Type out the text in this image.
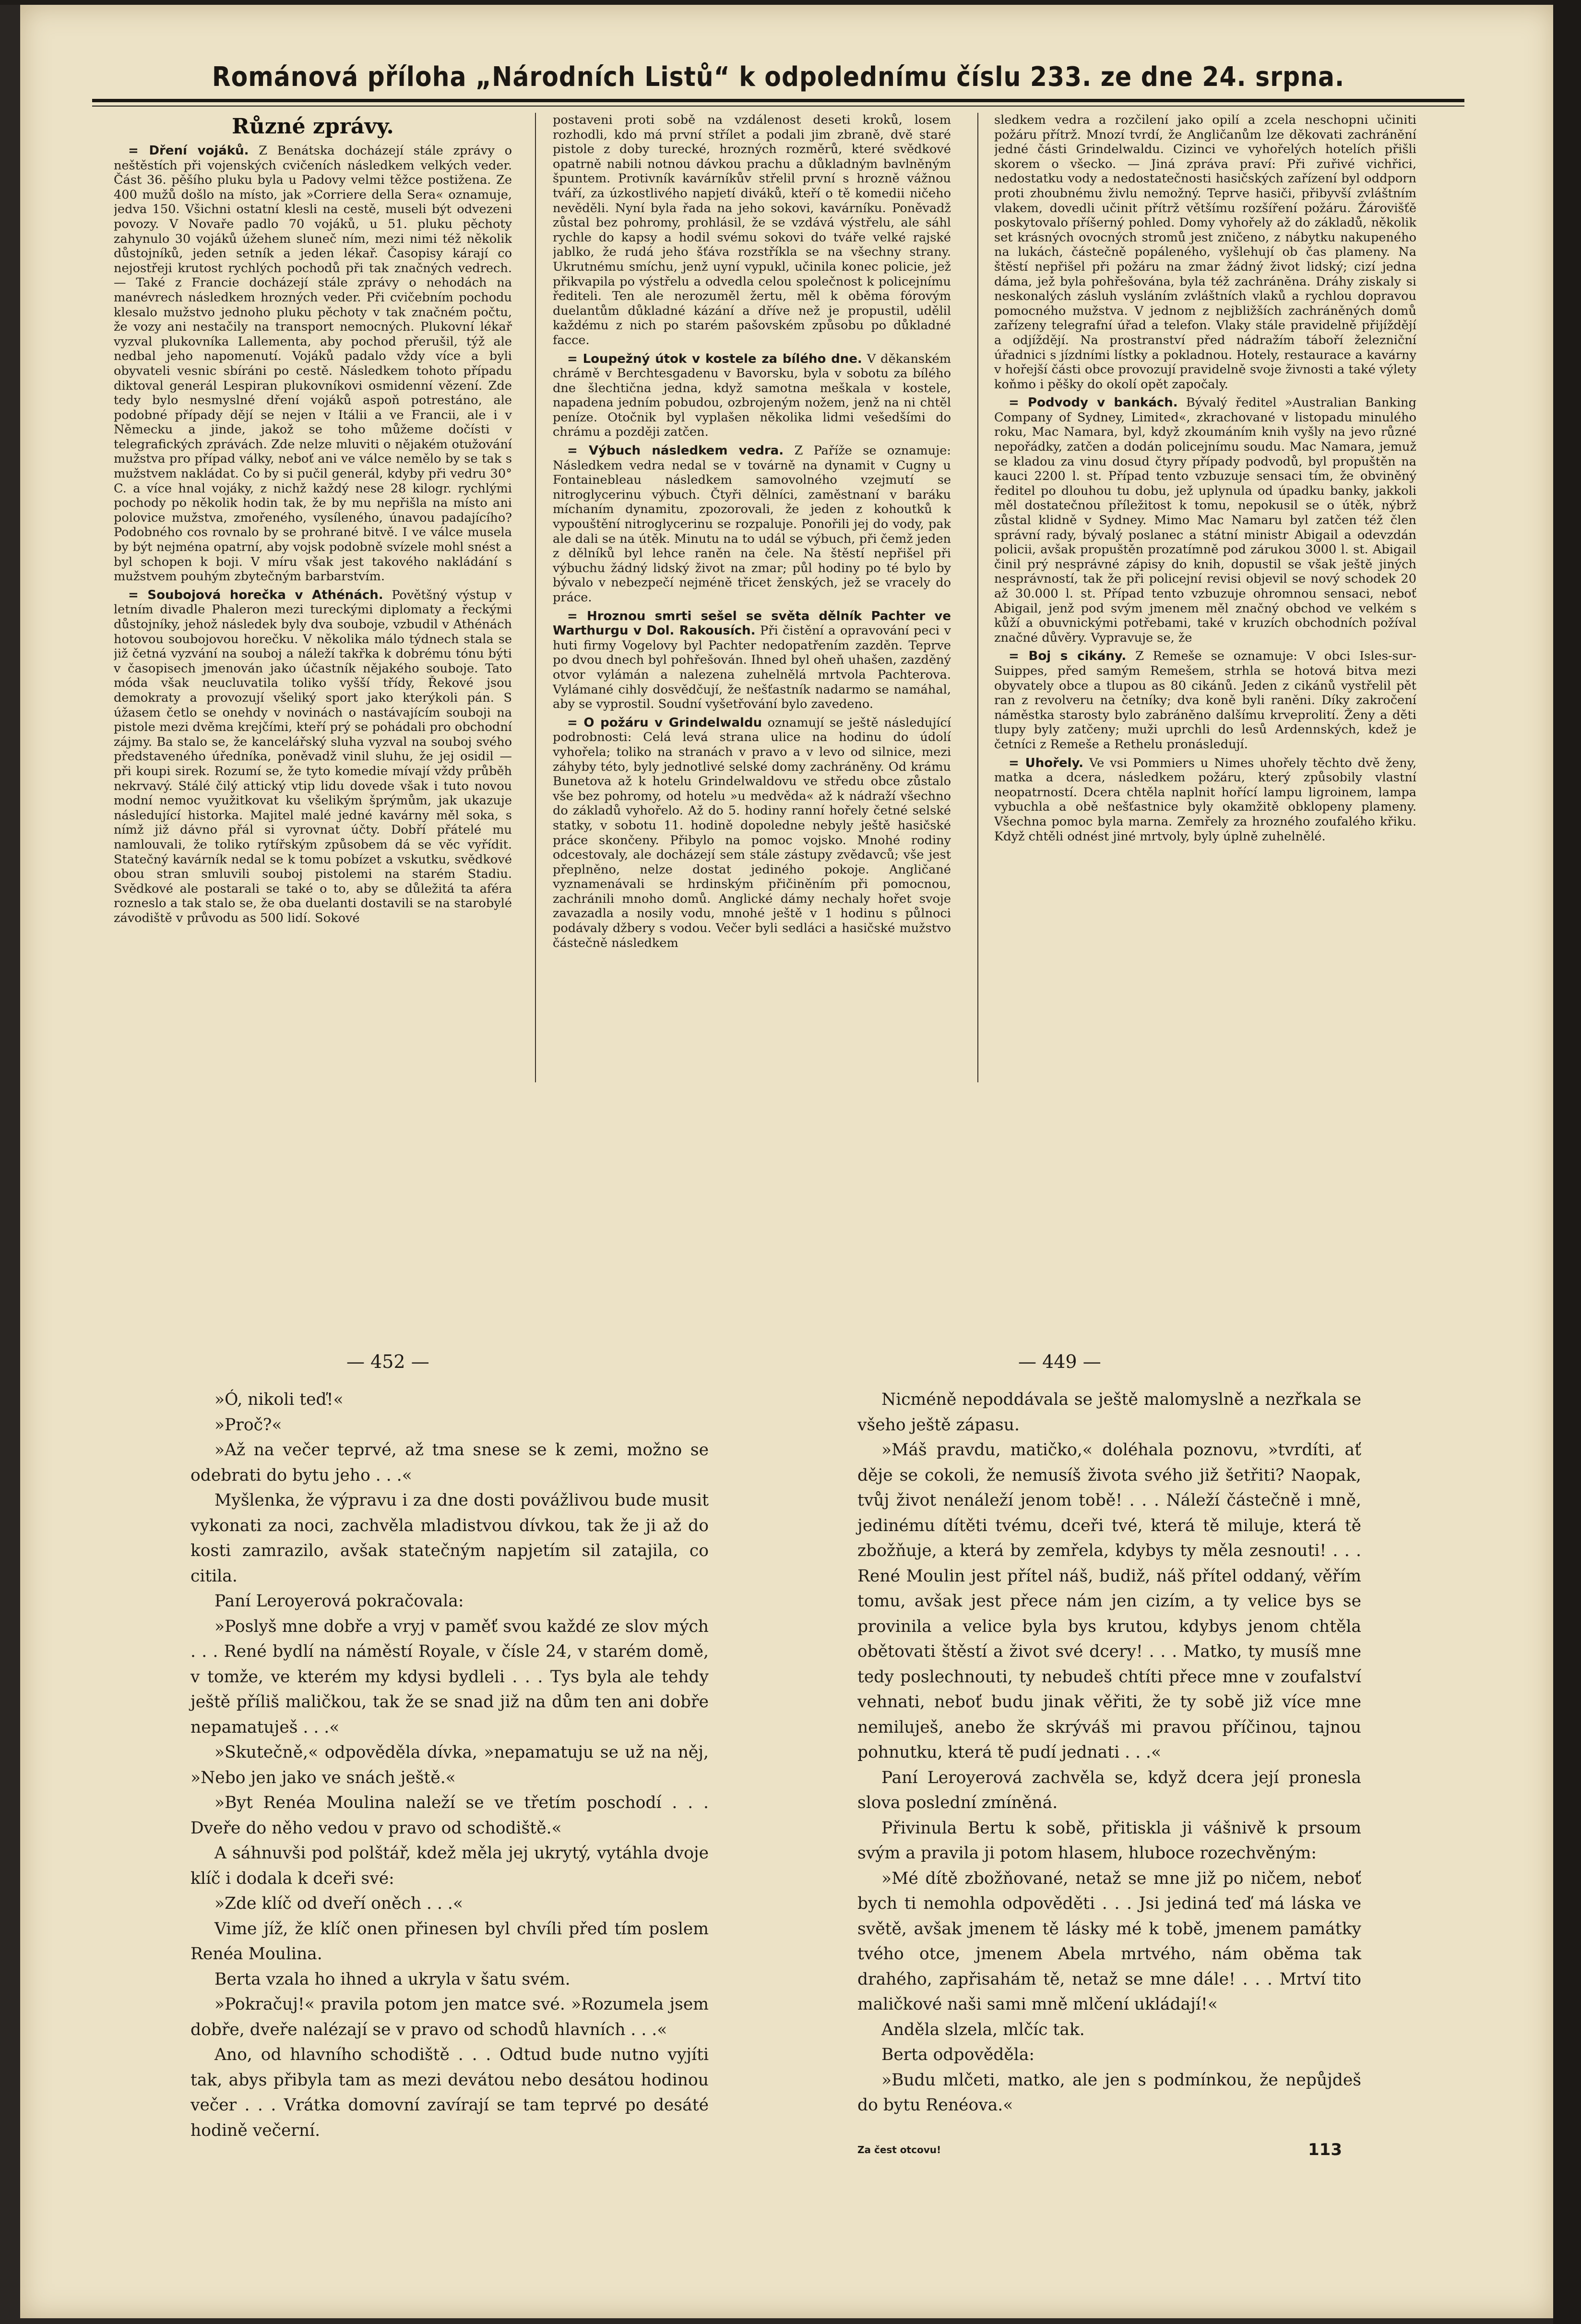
Románová příloha „Národních Listů“ k odpolednímu číslu 233. ze dne 24. srpna.
Různé zprávy.

= Dření vojáků. Z Benátska docházejí stále zprávy o neštěstích při vojenských cvičeních následkem velkých veder. Část 36. pěšího pluku byla u Padovy velmi těžce postižena. Ze 400 mužů došlo na místo, jak »Corriere della Sera« oznamuje, jedva 150. Všichni ostatní klesli na cestě, museli být odvezeni povozy. V Novaře padlo 70 vojáků, u 51. pluku pěchoty zahynulo 30 vojáků úžehem sluneč ním, mezi nimi též několik důstojníků, jeden setník a jeden lékař. Časopisy kárají co nejostřeji krutost rychlých pochodů při tak značných vedrech. — Také z Francie docházejí stále zprávy o nehodách na manévrech následkem hrozných veder. Při cvičebním pochodu klesalo mužstvo jednoho pluku pěchoty v tak značném počtu, že vozy ani nestačily na transport nemocných. Plukovní lékař vyzval plukovníka Lallementa, aby pochod přerušil, týž ale nedbal jeho napomenutí. Vojáků padalo vždy více a byli obyvateli vesnic sbíráni po cestě. Následkem tohoto případu diktoval generál Lespiran plukovníkovi osmidenní vězení. Zde tedy bylo nesmyslné dření vojáků aspoň potrestáno, ale podobné případy dějí se nejen v Itálii a ve Francii, ale i v Německu a jinde, jakož se toho můžeme dočísti v telegrafických zprávách. Zde nelze mluviti o nějakém otužování mužstva pro případ války, neboť ani ve válce nemělo by se tak s mužstvem nakládat. Co by si pučil generál, kdyby při vedru 30° C. a více hnal vojáky, z nichž každý nese 28 kilogr. rychlými pochody po několik hodin tak, že by mu nepřišla na místo ani polovice mužstva, zmořeného, vysíleného, únavou padajícího? Podobného cos rovnalo by se prohrané bitvě. I ve válce musela by být nejména opatrní, aby vojsk podobně svízele mohl snést a byl schopen k boji. V míru však jest takového nakládání s mužstvem pouhým zbytečným barbarstvím.

= Soubojová horečka v Athénách. Povětšný výstup v letním divadle Phaleron mezi tureckými diplomaty a řeckými důstojníky, jehož následek byly dva souboje, vzbudil v Athénách hotovou soubojovou horečku. V několika málo týdnech stala se již četná vyzvání na souboj a náleží takřka k dobrému tónu býti v časopisech jmenován jako účastník nějakého souboje. Tato móda však neucluvatila toliko vyšší třídy, Řekové jsou demokraty a provozují všeliký sport jako kterýkoli pán. S úžasem četlo se onehdy v novinách o nastávajícím souboji na pistole mezi dvěma krejčími, kteří prý se pohádali pro obchodní zájmy. Ba stalo se, že kancelářský sluha vyzval na souboj svého představeného úředníka, poněvadž vinil sluhu, že jej osidil — při koupi sirek. Rozumí se, že tyto komedie mívají vždy průběh nekrvavý. Stálé čilý attický vtip lidu dovede však i tuto novou modní nemoc využitkovat ku všelikým šprýmům, jak ukazuje následující historka. Majitel malé jedné kavárny měl soka, s nímž již dávno přál si vyrovnat účty. Dobří přátelé mu namlouvali, že toliko rytířským způsobem dá se věc vyřídit. Statečný kavárník nedal se k tomu pobízet a vskutku, svědkové obou stran smluvili souboj pistolemi na starém Stadiu. Svědkové ale postarali se také o to, aby se důležitá ta aféra rozneslo a tak stalo se, že oba duelanti dostavili se na starobylé závodiště v průvodu as 500 lidí. Sokové

postaveni proti sobě na vzdálenost deseti kroků, losem rozhodli, kdo má první střílet a podali jim zbraně, dvě staré pistole z doby turecké, hrozných rozměrů, které svědkové opatrně nabili notnou dávkou prachu a důkladným bavlněným špuntem. Protivník kavárníkův střelil první s hrozně vážnou tváří, za úzkostlivého napjetí diváků, kteří o tě komedii ničeho nevěděli. Nyní byla řada na jeho sokovi, kavárníku. Poněvadž zůstal bez pohromy, prohlásil, že se vzdává výstřelu, ale sáhl rychle do kapsy a hodil svému sokovi do tváře velké rajské jablko, že rudá jeho šťáva rozstříkla se na všechny strany. Ukrutnému smíchu, jenž uyní vypukl, učinila konec policie, jež přikvapila po výstřelu a odvedla celou společnost k policejnímu řediteli. Ten ale nerozuměl žertu, měl k oběma fórovým duelantům důkladné kázání a dříve než je propustil, udělil každému z nich po starém pašovském způsobu po důkladné facce.

= Loupežný útok v kostele za bílého dne. V děkanském chrámě v Berchtesgadenu v Bavorsku, byla v sobotu za bílého dne šlechtična jedna, když samotna meškala v kostele, napadena jedním pobudou, ozbrojeným nožem, jenž na ni chtěl peníze. Otočnik byl vyplašen několika lidmi vešedšími do chrámu a později zatčen.

= Výbuch následkem vedra. Z Paříže se oznamuje: Následkem vedra nedal se v továrně na dynamit v Cugny u Fontainebleau následkem samovolného vzejmutí se nitroglycerinu výbuch. Čtyři dělníci, zaměstnaní v baráku míchaním dynamitu, zpozorovali, že jeden z kohoutků k vypouštění nitroglycerinu se rozpaluje. Ponořili jej do vody, pak ale dali se na útěk. Minutu na to udál se výbuch, při čemž jeden z dělníků byl lehce raněn na čele. Na štěstí nepřišel při výbuchu žádný lidský život na zmar; půl hodiny po té bylo by bývalo v nebezpečí nejméně třicet ženských, jež se vracely do práce.

= Hroznou smrti sešel se světa dělník Pachter ve Warthurgu v Dol. Rakousích. Při čistění a opravování peci v huti firmy Vogelovy byl Pachter nedopatřením zazděn. Teprve po dvou dnech byl pohřešován. Ihned byl oheň uhašen, zazděný otvor vylámán a nalezena zuhelnělá mrtvola Pachterova. Vylámané cihly dosvědčují, že nešťastník nadarmo se namáhal, aby se vyprostil. Soudní vyšetřování bylo zavedeno.

= O požáru v Grindelwaldu oznamují se ještě následující podrobnosti: Celá levá strana ulice na hodinu do údolí vyhořela; toliko na stranách v pravo a v levo od silnice, mezi záhyby této, byly jednotlivé selské domy zachráněny. Od krámu Bunetova až k hotelu Grindelwaldovu ve středu obce zůstalo vše bez pohromy, od hotelu »u medvěda« až k nádraží všechno do základů vyhořelo. Až do 5. hodiny ranní hořely četné selské statky, v sobotu 11. hodině dopoledne nebyly ještě hasičské práce skončeny. Přibylo na pomoc vojsko. Mnohé rodiny odcestovaly, ale docházejí sem stále zástupy zvědavců; vše jest přeplněno, nelze dostat jediného pokoje. Angličané vyznamenávali se hrdinským přičiněním při pomocnou, zachránili mnoho domů. Anglické dámy nechaly hořet svoje zavazadla a nosily vodu, mnohé ještě v 1 hodinu s půlnoci podávaly džbery s vodou. Večer byli sedláci a hasičské mužstvo částečně následkem

sledkem vedra a rozčilení jako opilí a zcela neschopni učiniti požáru přítrž. Mnozí tvrdí, že Angličanům lze děkovati zachránění jedné části Grindelwaldu. Cizinci ve vyhořelých hotelích přišli skorem o všecko. — Jiná zpráva praví: Při zuřivé vichřici, nedostatku vody a nedostatečnosti hasičských zařízení byl oddporn proti zhoubnému živlu nemožný. Teprve hasiči, přibyvší zvláštním vlakem, dovedli učinit přítrž většímu rozšíření požáru. Žárovišťě poskytovalo příšerný pohled. Domy vyhořely až do základů, několik set krásných ovocných stromů jest zničeno, z nábytku nakupeného na lukách, částečně popáleného, vyšlehují ob čas plameny. Na štěstí nepřišel při požáru na zmar žádný život lidský; cizí jedna dáma, jež byla pohřešována, byla též zachráněna. Dráhy ziskaly si neskonalých zásluh vysláním zvláštních vlaků a rychlou dopravou pomocného mužstva. V jednom z nejbližších zachráněných domů zařízeny telegrafní úřad a telefon. Vlaky stále pravidelně přijíždějí a odjíždějí. Na prostranství před nádražím táboří železniční úřadnici s jízdními lístky a pokladnou. Hotely, restaurace a kavárny v hořejší části obce provozují pravidelně svoje živnosti a také výlety koňmo i pěšky do okolí opět započaly.

= Podvody v bankách. Bývalý ředitel »Australian Banking Company of Sydney, Limited«, zkrachované v listopadu minulého roku, Mac Namara, byl, když zkoumáním knih vyšly na jevo různé nepořádky, zatčen a dodán policejnímu soudu. Mac Namara, jemuž se kladou za vinu dosud čtyry případy podvodů, byl propuštěn na kauci 2200 l. st. Případ tento vzbuzuje sensaci tím, že obviněný ředitel po dlouhou tu dobu, jež uplynula od úpadku banky, jakkoli měl dostatečnou příležitost k tomu, nepokusil se o útěk, nýbrž zůstal klidně v Sydney. Mimo Mac Namaru byl zatčen též člen správní rady, bývalý poslanec a státní ministr Abigail a odevzdán policii, avšak propuštěn prozatímně pod zárukou 3000 l. st. Abigail činil prý nesprávné zápisy do knih, dopustil se však ještě jiných nesprávností, tak že při policejní revisi objevil se nový schodek 20 až 30.000 l. st. Případ tento vzbuzuje ohromnou sensaci, neboť Abigail, jenž pod svým jmenem měl značný obchod ve velkém s kůží a obuvnickými potřebami, také v kruzích obchodních požíval značné důvěry. Vypravuje se, že

= Boj s cikány. Z Remeše se oznamuje: V obci Isles-sur-Suippes, před samým Remešem, strhla se hotová bitva mezi obyvately obce a tlupou as 80 cikánů. Jeden z cikánů vystřelil pět ran z revolveru na četníky; dva koně byli raněni. Díky zakročení náměstka starosty bylo zabráněno dalšímu krveprolití. Ženy a děti tlupy byly zatčeny; muži uprchli do lesů Ardennských, kdež je četníci z Remeše a Rethelu pronásledují.

= Uhořely. Ve vsi Pommiers u Nimes uhořely těchto dvě ženy, matka a dcera, následkem požáru, který způsobily vlastní neopatrností. Dcera chtěla naplnit hořící lampu ligroinem, lampa vybuchla a obě nešťastnice byly okamžitě obklopeny plameny. Všechna pomoc byla marna. Zemřely za hrozného zoufalého křiku. Když chtěli odnést jiné mrtvoly, byly úplně zuhelnělé.

— 452 —	— 449 —

»Ó, nikoli teď!«

»Proč?«

»Až na večer teprvé, až tma snese se k zemi, možno se odebrati do bytu jeho . . .«

Myšlenka, že výpravu i za dne dosti povážlivou bude musit vykonati za noci, zachvěla mladistvou dívkou, tak že ji až do kosti zamrazilo, avšak statečným napjetím sil zatajila, co citila.

Paní Leroyerová pokračovala:

»Poslyš mne dobře a vryj v paměť svou každé ze slov mých . . . René bydlí na náměstí Royale, v čísle 24, v starém domě, v tomže, ve kterém my kdysi bydleli . . . Tys byla ale tehdy ještě příliš maličkou, tak že se snad již na dům ten ani dobře nepamatuješ . . .«

»Skutečně,« odpověděla dívka, »nepamatuju se už na něj, »Nebo jen jako ve snách ještě.«

»Byt Renéa Moulina naleží se ve třetím poschodí . . . Dveře do něho vedou v pravo od schodiště.«

A sáhnuvši pod polštář, kdež měla jej ukrytý, vytáhla dvoje klíč i dodala k dceři své:

»Zde klíč od dveří oněch . . .«

Vime jíž, že klíč onen přinesen byl chvíli před tím poslem Renéa Moulina.

Berta vzala ho ihned a ukryla v šatu svém.

»Pokračuj!« pravila potom jen matce své. »Rozumela jsem dobře, dveře nalézají se v pravo od schodů hlavních . . .«

Ano, od hlavního schodiště . . . Odtud bude nutno vyjíti tak, abys přibyla tam as mezi devátou nebo desátou hodinou večer . . . Vrátka domovní zavírají se tam teprvé po desáté hodině večerní.

Nicméně nepoddávala se ještě malomyslně a nezřkala se všeho ještě zápasu.

»Máš pravdu, matičko,« doléhala poznovu, »tvrdíti, ať děje se cokoli, že nemusíš života svého již šetřiti? Naopak, tvůj život nenáleží jenom tobě! . . . Náleží částečně i mně, jedinému dítěti tvému, dceři tvé, která tě miluje, která tě zbožňuje, a která by zemřela, kdybys ty měla zesnouti! . . . René Moulin jest přítel náš, budiž, náš přítel oddaný, věřím tomu, avšak jest přece nám jen cizím, a ty velice bys se provinila a velice byla bys krutou, kdybys jenom chtěla obětovati štěstí a život své dcery! . . . Matko, ty musíš mne tedy poslechnouti, ty nebudeš chtíti přece mne v zoufalství vehnati, neboť budu jinak věřiti, že ty sobě již více mne nemiluješ, anebo že skrýváš mi pravou příčinou, tajnou pohnutku, která tě pudí jednati . . .«

Paní Leroyerová zachvěla se, když dcera její pronesla slova poslední zmíněná.

Přivinula Bertu k sobě, přitiskla ji vášnivě k prsoum svým a pravila ji potom hlasem, hluboce rozechvěným:

»Mé dítě zbožňované, netaž se mne již po ničem, neboť bych ti nemohla odpověděti . . . Jsi jediná teď má láska ve světě, avšak jmenem tě lásky mé k tobě, jmenem památky tvého otce, jmenem Abela mrtvého, nám oběma tak drahého, zapřisahám tě, netaž se mne dále! . . . Mrtví tito maličkové naši sami mně mlčení ukládají!«

Anděla slzela, mlčíc tak.

Berta odpověděla:

»Budu mlčeti, matko, ale jen s podmínkou, že nepůjdeš do bytu Renéova.«

Za čest otcovu!	113
